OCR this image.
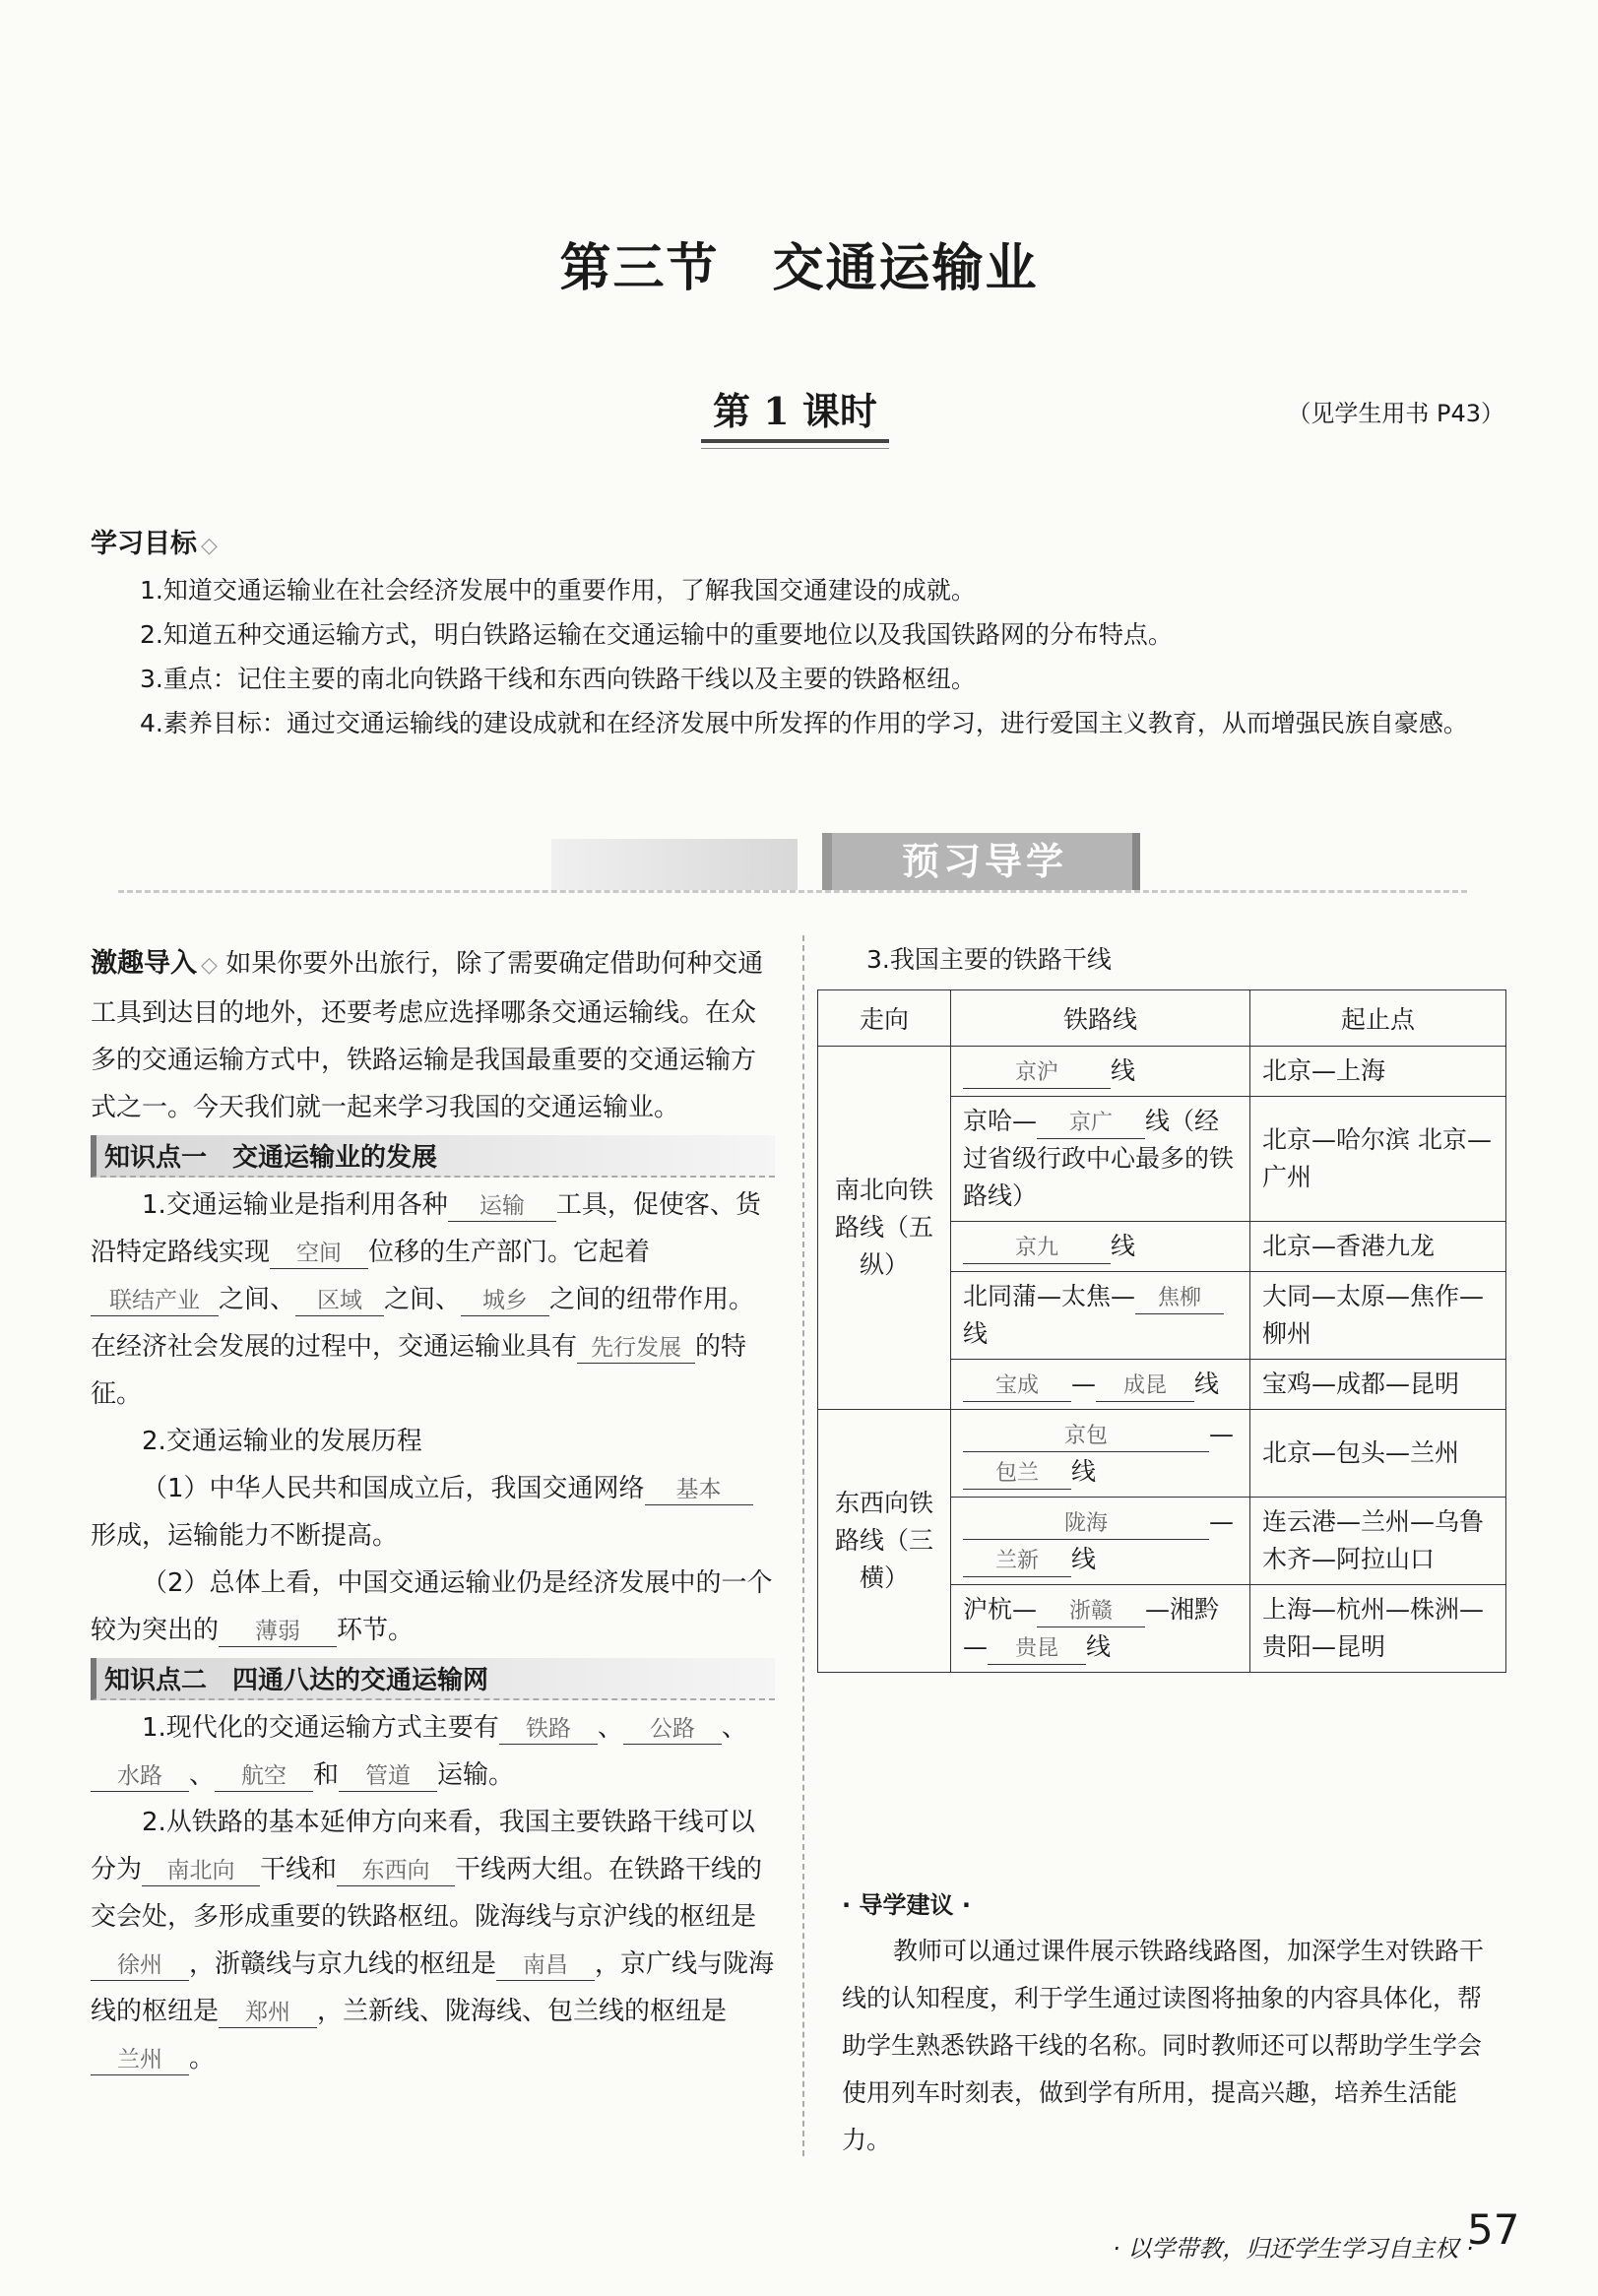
第三节　交通运输业
第 1 课时	（见学生用书 P43）
学习目标 ◇

1.知道交通运输业在社会经济发展中的重要作用，了解我国交通建设的成就。

2.知道五种交通运输方式，明白铁路运输在交通运输中的重要地位以及我国铁路网的分布特点。

3.重点：记住主要的南北向铁路干线和东西向铁路干线以及主要的铁路枢纽。

4.素养目标：通过交通运输线的建设成就和在经济发展中所发挥的作用的学习，进行爱国主义教育，从而增强民族自豪感。

预习导学

激趣导入 ◇ 如果你要外出旅行，除了需要确定借助何种交通工具到达目的地外，还要考虑应选择哪条交通运输线。在众多的交通运输方式中，铁路运输是我国最重要的交通运输方式之一。今天我们就一起来学习我国的交通运输业。

知识点一　交通运输业的发展

1.交通运输业是指利用各种 运输 工具，促使客、货沿特定路线实现 空间 位移的生产部门。它起着联结产业 之间、 区域 之间、 城乡 之间的纽带作用。在经济社会发展的过程中，交通运输业具有 先行发展 的特征。

2.交通运输业的发展历程

（1）中华人民共和国成立后，我国交通网络 基本形成，运输能力不断提高。

（2）总体上看，中国交通运输业仍是经济发展中的一个较为突出的 薄弱 环节。

知识点二　四通八达的交通运输网

1.现代化的交通运输方式主要有 铁路 、 公路 、水路 、 航空 和 管道 运输。

2.从铁路的基本延伸方向来看，我国主要铁路干线可以分为 南北向 干线和 东西向 干线两大组。在铁路干线的交会处，多形成重要的铁路枢纽。陇海线与京沪线的枢纽是徐州 ，浙赣线与京九线的枢纽是 南昌 ，京广线与陇海线的枢纽是 郑州 ，兰新线、陇海线、包兰线的枢纽是兰州 。

3.我国主要的铁路干线
走向	铁路线	起止点
南北向铁路线（五纵）	京沪 线	北京—上海
	京哈— 京广 线（经过省级行政中心最多的铁路线）	北京—哈尔滨 北京—广州
	京九 线	北京—香港九龙
	北同蒲—太焦— 焦柳线	大同—太原—焦作—柳州
	宝成 — 成昆 线	宝鸡—成都—昆明
东西向铁路线（三横）	京包 —包兰 线	北京—包头—兰州
	陇海 —兰新 线	连云港—兰州—乌鲁木齐—阿拉山口
	沪杭— 浙赣 —湘黔— 贵昆 线	上海—杭州—株洲—贵阳—昆明
· 导学建议 ·

教师可以通过课件展示铁路线路图，加深学生对铁路干线的认知程度，利于学生通过读图将抽象的内容具体化，帮助学生熟悉铁路干线的名称。同时教师还可以帮助学生学会使用列车时刻表，做到学有所用，提高兴趣，培养生活能力。

· 以学带教，归还学生学习自主权 ·
57
